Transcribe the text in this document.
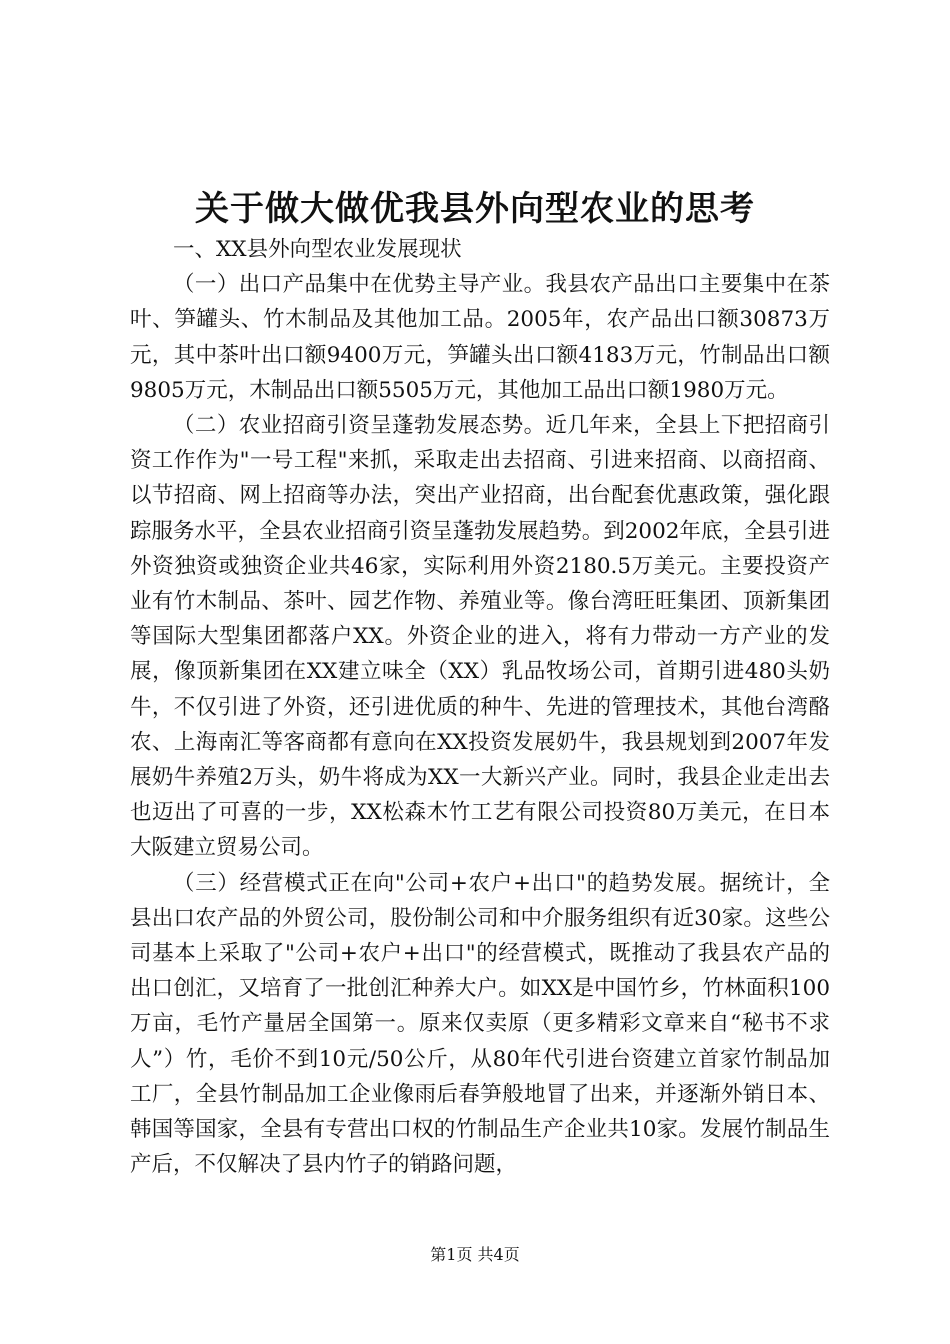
关于做大做优我县外向型农业的思考

一、XX县外向型农业发展现状

（一）出口产品集中在优势主导产业。我县农产品出口主要集中在茶叶、笋罐头、竹木制品及其他加工品。2005年，农产品出口额30873万元，其中茶叶出口额9400万元，笋罐头出口额4183万元，竹制品出口额9805万元，木制品出口额5505万元，其他加工品出口额1980万元。

（二）农业招商引资呈蓬勃发展态势。近几年来，全县上下把招商引资工作作为"一号工程"来抓，采取走出去招商、引进来招商、以商招商、以节招商、网上招商等办法，突出产业招商，出台配套优惠政策，强化跟踪服务水平，全县农业招商引资呈蓬勃发展趋势。到2002年底，全县引进外资独资或独资企业共46家，实际利用外资2180.5万美元。主要投资产业有竹木制品、茶叶、园艺作物、养殖业等。像台湾旺旺集团、顶新集团等国际大型集团都落户XX。外资企业的进入，将有力带动一方产业的发展，像顶新集团在XX建立味全（XX）乳品牧场公司，首期引进480头奶牛，不仅引进了外资，还引进优质的种牛、先进的管理技术，其他台湾酪农、上海南汇等客商都有意向在XX投资发展奶牛，我县规划到2007年发展奶牛养殖2万头，奶牛将成为XX一大新兴产业。同时，我县企业走出去也迈出了可喜的一步，XX松森木竹工艺有限公司投资80万美元，在日本大阪建立贸易公司。

（三）经营模式正在向"公司+农户+出口"的趋势发展。据统计，全县出口农产品的外贸公司，股份制公司和中介服务组织有近30家。这些公司基本上采取了"公司+农户+出口"的经营模式，既推动了我县农产品的出口创汇，又培育了一批创汇种养大户。如XX是中国竹乡，竹林面积100万亩，毛竹产量居全国第一。原来仅卖原（更多精彩文章来自“秘书不求人”）竹，毛价不到10元/50公斤，从80年代引进台资建立首家竹制品加工厂，全县竹制品加工企业像雨后春笋般地冒了出来，并逐渐外销日本、韩国等国家，全县有专营出口权的竹制品生产企业共10家。发展竹制品生产后，不仅解决了县内竹子的销路问题，

第1页 共4页
